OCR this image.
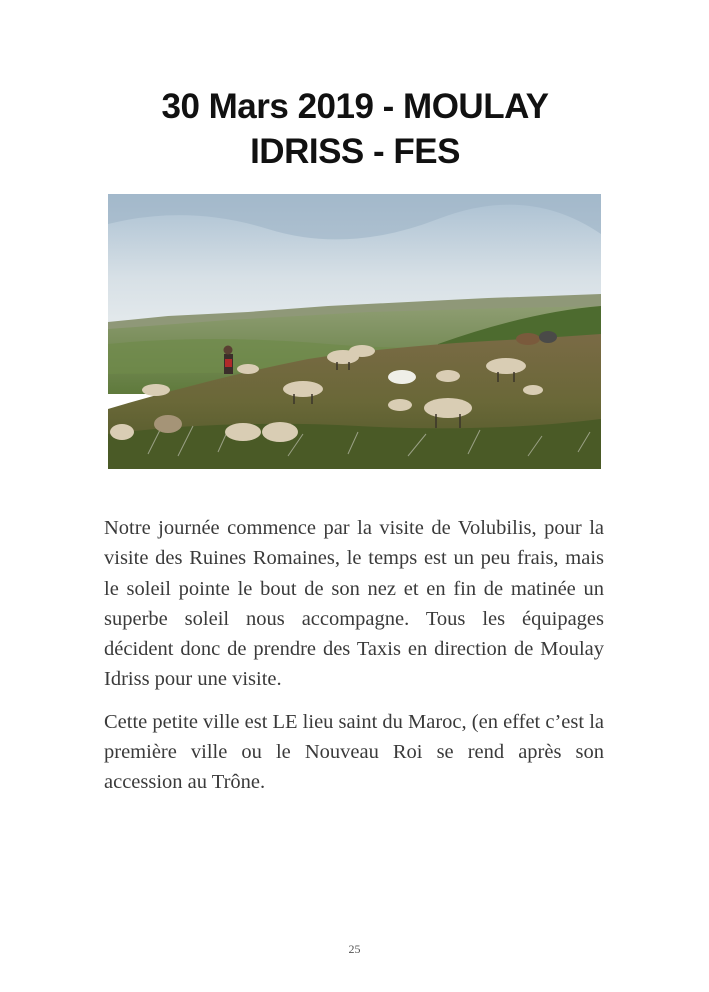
30 Mars 2019 - MOULAY
IDRISS - FES

Notre journée commence par la visite de Volubilis, pour la visite des Ruines Romaines, le temps est un peu frais, mais le soleil pointe le bout de son nez et en fin de matinée un superbe soleil nous accompagne. Tous les équipages décident donc de prendre des Taxis en direction de Moulay Idriss pour une visite.

Cette petite ville est LE lieu saint du Maroc, (en effet c’est la première ville ou le Nouveau Roi se rend après son accession au Trône.

25
